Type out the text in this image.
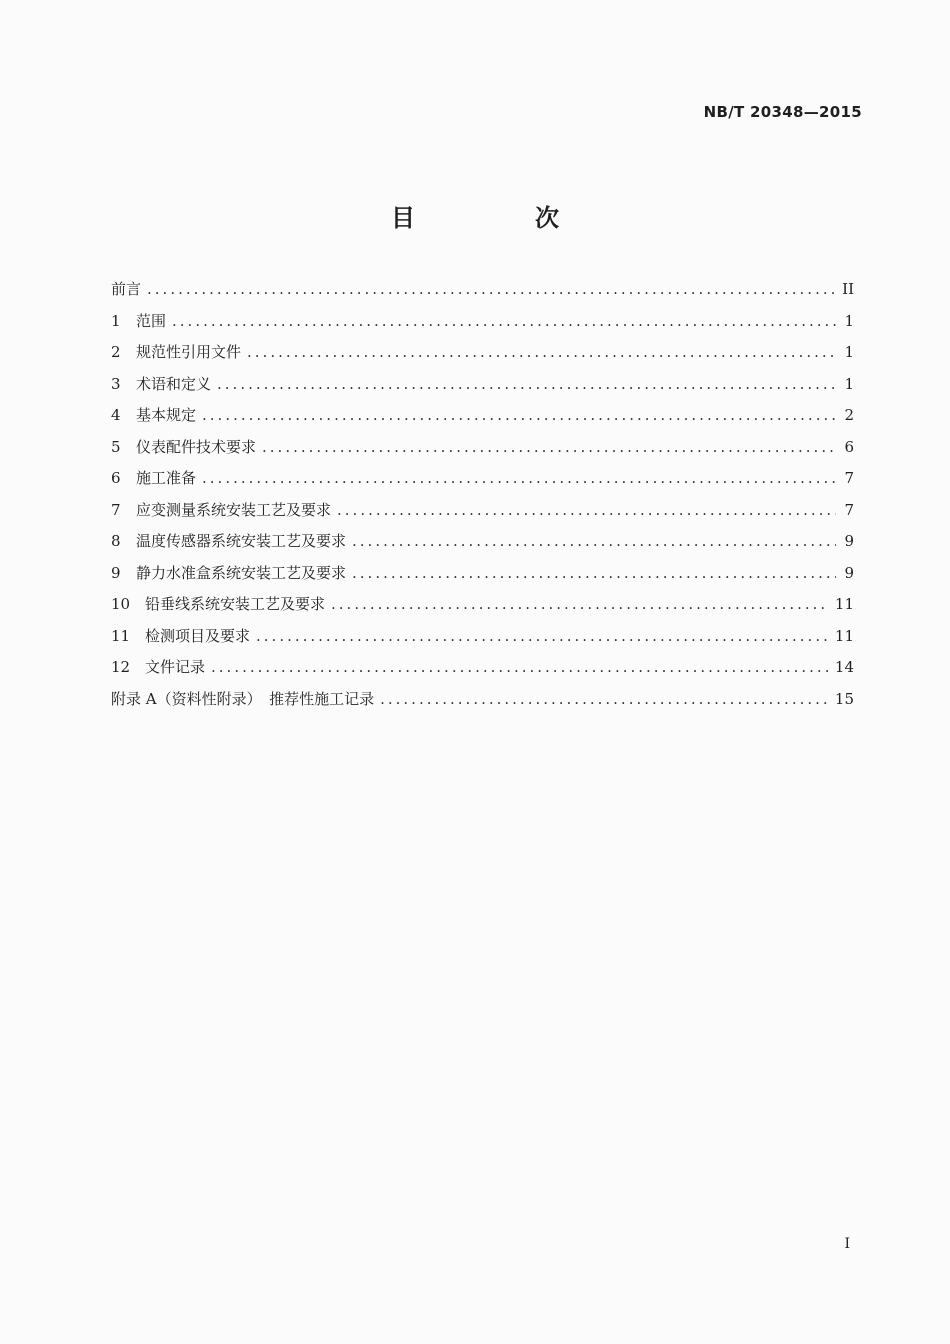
NB/T 20348—2015
目　次
前言 .....	II
1	范围 .....	1
2	规范性引用文件 .....	1
3	术语和定义 .....	1
4	基本规定 .....	2
5	仪表配件技术要求 .....	6
6	施工准备 .....	7
7	应变测量系统安装工艺及要求 .....	7
8	温度传感器系统安装工艺及要求 .....	9
9	静力水准盒系统安装工艺及要求 .....	9
10 铅垂线系统安装工艺及要求 .....	11
11 检测项目及要求 .....	11
12 文件记录 .....	14
附录 A（资料性附录）　推荐性施工记录 .....	15
I
